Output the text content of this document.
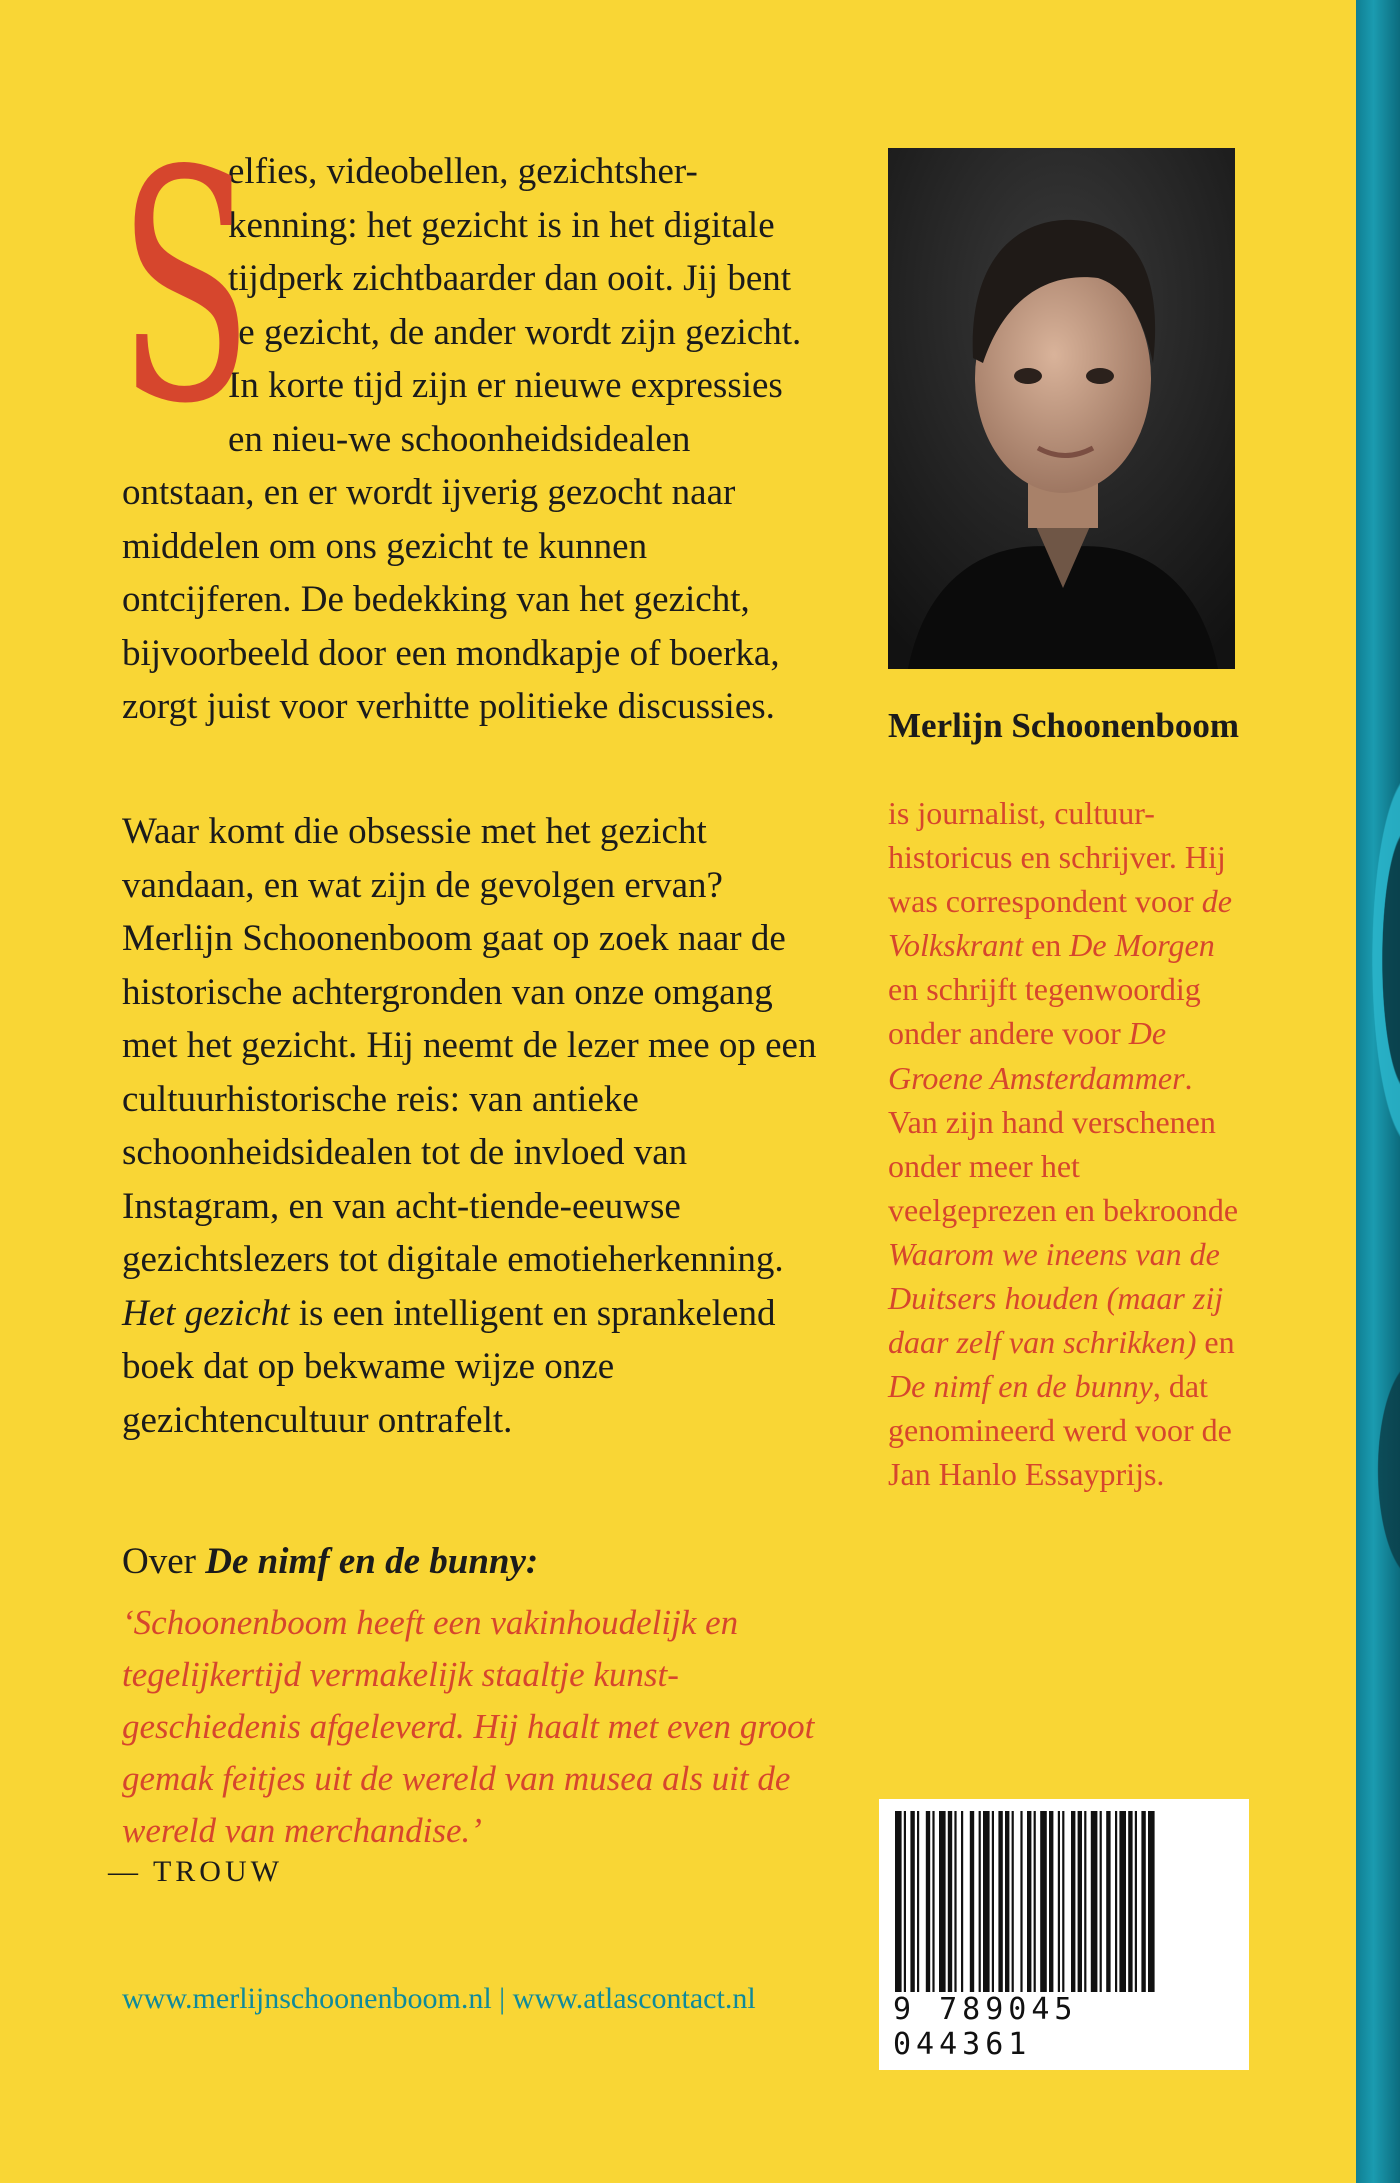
S
elfies, videobellen, gezichtsher-kenning: het gezicht is in het digitale tijdperk zichtbaarder dan ooit. Jij bent je gezicht, de ander wordt zijn gezicht. In korte tijd zijn er nieuwe expressies en nieu-we schoonheidsidealen ontstaan, en er wordt ijverig gezocht naar middelen om ons gezicht te kunnen ontcijferen. De bedekking van het gezicht, bijvoorbeeld door een mondkapje of boerka, zorgt juist voor verhitte politieke discussies.
Waar komt die obsessie met het gezicht vandaan, en wat zijn de gevolgen ervan? Merlijn Schoonenboom gaat op zoek naar de historische achtergronden van onze omgang met het gezicht. Hij neemt de lezer mee op een cultuurhistorische reis: van antieke schoonheidsidealen tot de invloed van Instagram, en van acht-tiende-eeuwse gezichtslezers tot digitale emotieherkenning. Het gezicht is een intelligent en sprankelend boek dat op bekwame wijze onze gezichtencultuur ontrafelt.
Over De nimf en de bunny:
‘Schoonenboom heeft een vakinhoudelijk en tegelijkertijd vermakelijk staaltje kunst-geschiedenis afgeleverd. Hij haalt met even groot gemak feitjes uit de wereld van musea als uit de wereld van merchandise.’
— TROUW
www.merlijnschoonenboom.nl | www.atlascontact.nl
Merlijn Schoonenboom
is journalist, cultuur-historicus en schrijver. Hij was correspondent voor de Volkskrant en De Morgen en schrijft tegenwoordig onder andere voor De Groene Amsterdammer. Van zijn hand verschenen onder meer het veelgeprezen en bekroonde Waarom we ineens van de Duitsers houden (maar zij daar zelf van schrikken) en De nimf en de bunny, dat genomineerd werd voor de Jan Hanlo Essayprijs.
9 789045 044361
